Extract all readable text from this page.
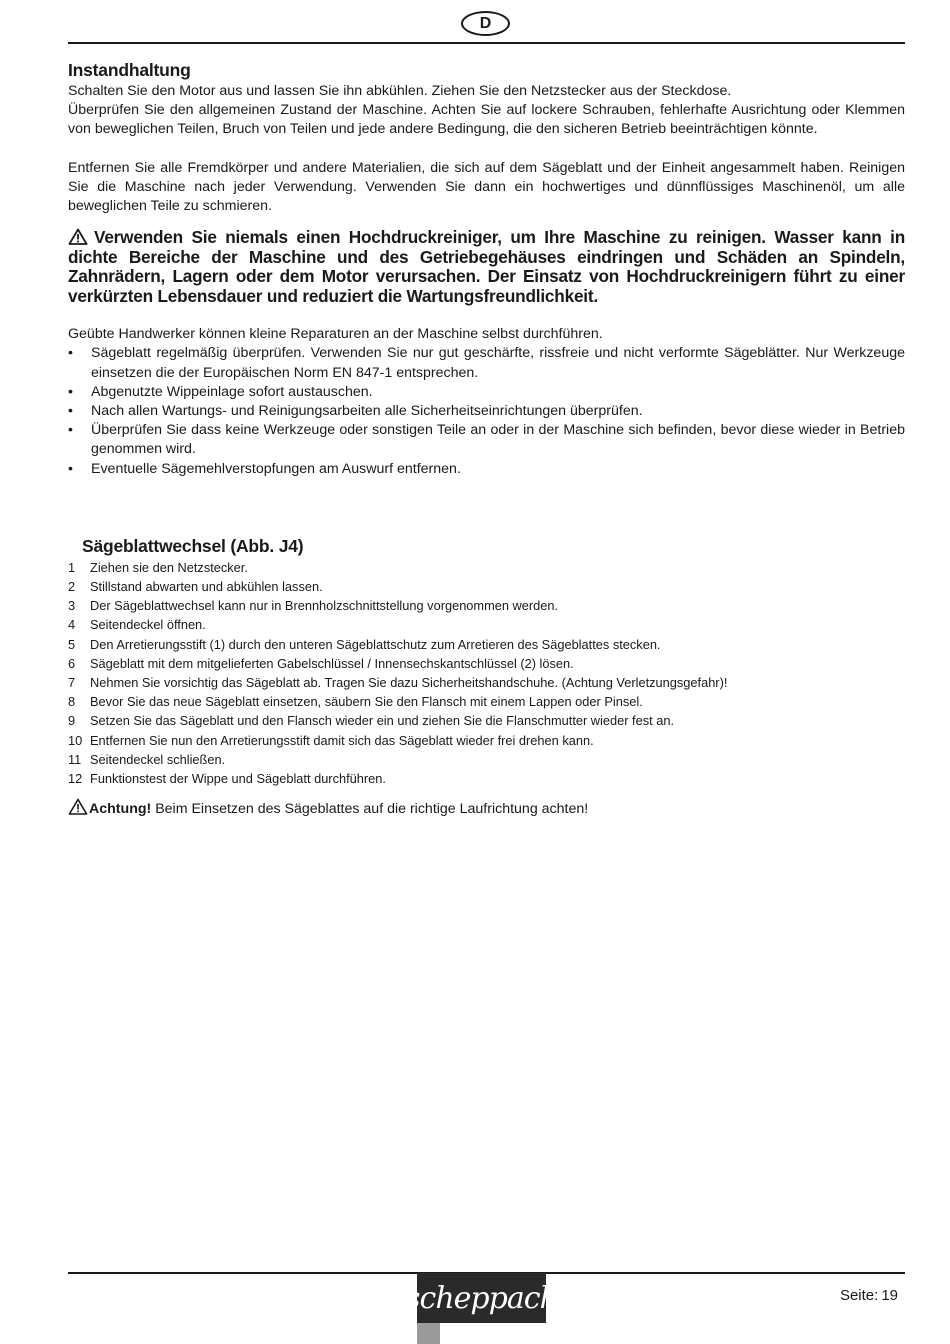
D
Instandhaltung

Schalten Sie den Motor aus und lassen Sie ihn abkühlen. Ziehen Sie den Netzstecker aus der Steckdose.

Überprüfen Sie den allgemeinen Zustand der Maschine. Achten Sie auf lockere Schrauben, fehlerhafte Ausrichtung oder Klemmen von beweglichen Teilen, Bruch von Teilen und jede andere Bedingung, die den sicheren Betrieb beeinträchtigen könnte.

Entfernen Sie alle Fremdkörper und andere Materialien, die sich auf dem Sägeblatt und der Einheit angesammelt haben. Reinigen Sie die Maschine nach jeder Verwendung. Verwenden Sie dann ein hochwertiges und dünnflüssiges Maschinenöl, um alle beweglichen Teile zu schmieren.

Verwenden Sie niemals einen Hochdruckreiniger, um Ihre Maschine zu reinigen. Wasser kann in dichte Bereiche der Maschine und des Getriebegehäuses eindringen und Schäden an Spindeln, Zahnrädern, Lagern oder dem Motor verursachen. Der Einsatz von Hochdruckreinigern führt zu einer verkürzten Lebensdauer und reduziert die Wartungsfreundlichkeit.

Geübte Handwerker können kleine Reparaturen an der Maschine selbst durchführen.

• Sägeblatt regelmäßig überprüfen. Verwenden Sie nur gut geschärfte, rissfreie und nicht verformte Sägeblätter. Nur Werkzeuge einsetzen die der Europäischen Norm EN 847-1 entsprechen.
• Abgenutzte Wippeinlage sofort austauschen.
• Nach allen Wartungs- und Reinigungsarbeiten alle Sicherheitseinrichtungen überprüfen.
• Überprüfen Sie dass keine Werkzeuge oder sonstigen Teile an oder in der Maschine sich befinden, bevor diese wieder in Betrieb genommen wird.
• Eventuelle Sägemehlverstopfungen am Auswurf entfernen.
Sägeblattwechsel (Abb. J4)
1	Ziehen sie den Netzstecker.
2	Stillstand abwarten und abkühlen lassen.
3	Der Sägeblattwechsel kann nur in Brennholzschnittstellung vorgenommen werden.
4	Seitendeckel öffnen.
5	Den Arretierungsstift (1) durch den unteren Sägeblattschutz zum Arretieren des Sägeblattes stecken.
6	Sägeblatt mit dem mitgelieferten Gabelschlüssel / Innensechskantschlüssel (2) lösen.
7	Nehmen Sie vorsichtig das Sägeblatt ab. Tragen Sie dazu Sicherheitshandschuhe. (Achtung Verletzungsgefahr)!
8	Bevor Sie das neue Sägeblatt einsetzen, säubern Sie den Flansch mit einem Lappen oder Pinsel.
9	Setzen Sie das Sägeblatt und den Flansch wieder ein und ziehen Sie die Flanschmutter wieder fest an.
10 Entfernen Sie nun den Arretierungsstift damit sich das Sägeblatt wieder frei drehen kann.
11 Seitendeckel schließen.
12 Funktionstest der Wippe und Sägeblatt durchführen.
Achtung! Beim Einsetzen des Sägeblattes auf die richtige Laufrichtung achten!
scheppach	Seite: 19
